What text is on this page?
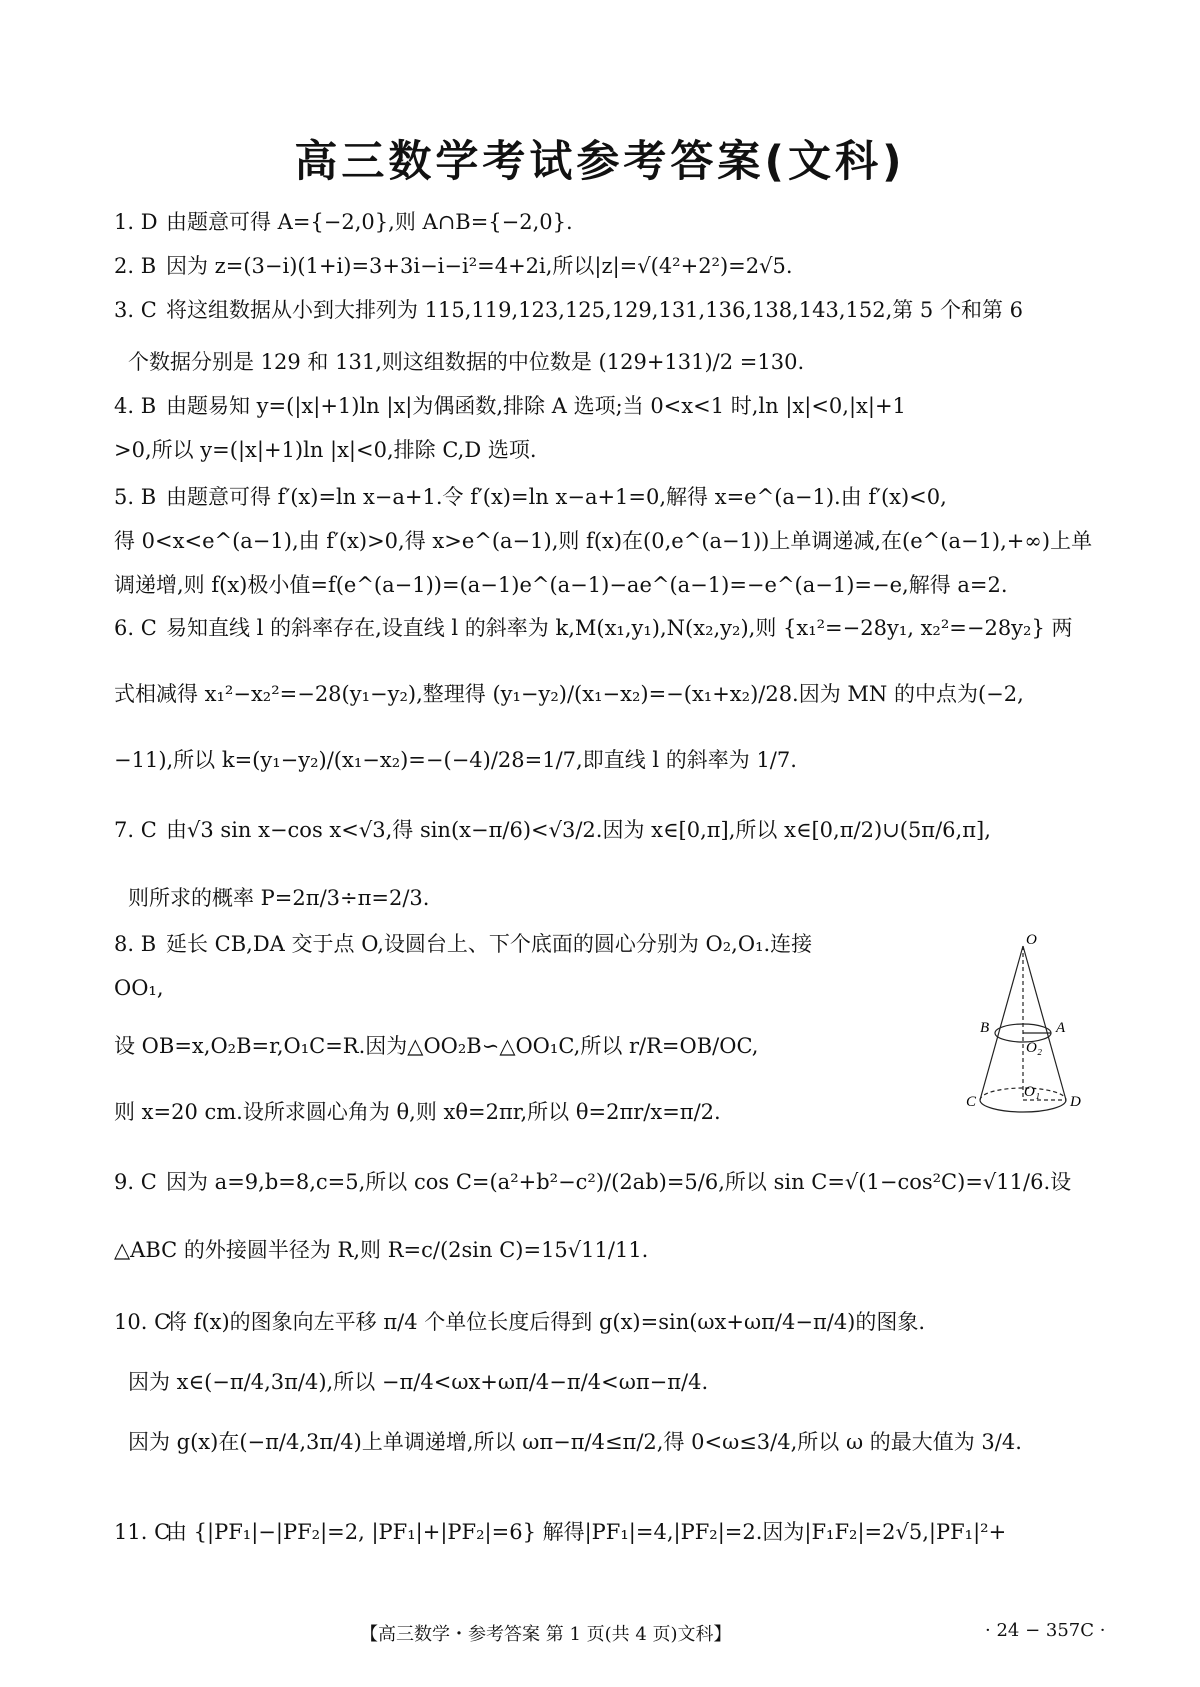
高三数学考试参考答案(文科)
1. D 由题意可得 A={−2,0},则 A∩B={−2,0}.
2. B 因为 z=(3−i)(1+i)=3+3i−i−i²=4+2i,所以|z|=√(4²+2²)=2√5.
3. C 将这组数据从小到大排列为 115,119,123,125,129,131,136,138,143,152,第 5 个和第 6
个数据分别是 129 和 131,则这组数据的中位数是 (129+131)/2 =130.
4. B 由题易知 y=(|x|+1)ln |x|为偶函数,排除 A 选项;当 0<x<1 时,ln |x|<0,|x|+1
>0,所以 y=(|x|+1)ln |x|<0,排除 C,D 选项.
5. B 由题意可得 f′(x)=ln x−a+1.令 f′(x)=ln x−a+1=0,解得 x=e^(a−1).由 f′(x)<0,
得 0<x<e^(a−1),由 f′(x)>0,得 x>e^(a−1),则 f(x)在(0,e^(a−1))上单调递减,在(e^(a−1),+∞)上单
调递增,则 f(x)极小值=f(e^(a−1))=(a−1)e^(a−1)−ae^(a−1)=−e^(a−1)=−e,解得 a=2.
6. C 易知直线 l 的斜率存在,设直线 l 的斜率为 k,M(x₁,y₁),N(x₂,y₂),则 {x₁²=−28y₁, x₂²=−28y₂} 两
式相减得 x₁²−x₂²=−28(y₁−y₂),整理得 (y₁−y₂)/(x₁−x₂)=−(x₁+x₂)/28.因为 MN 的中点为(−2,
−11),所以 k=(y₁−y₂)/(x₁−x₂)=−(−4)/28=1/7,即直线 l 的斜率为 1/7.
7. C 由√3 sin x−cos x<√3,得 sin(x−π/6)<√3/2.因为 x∈[0,π],所以 x∈[0,π/2)∪(5π/6,π],
则所求的概率 P=2π/3÷π=2/3.
8. B 延长 CB,DA 交于点 O,设圆台上、下个底面的圆心分别为 O₂,O₁.连接
OO₁,
设 OB=x,O₂B=r,O₁C=R.因为△OO₂B∽△OO₁C,所以 r/R=OB/OC,
则 x=20 cm.设所求圆心角为 θ,则 xθ=2πr,所以 θ=2πr/x=π/2.
O
B	A
O₂
O₁
C	D
9. C 因为 a=9,b=8,c=5,所以 cos C=(a²+b²−c²)/(2ab)=5/6,所以 sin C=√(1−cos²C)=√11/6.设
△ABC 的外接圆半径为 R,则 R=c/(2sin C)=15√11/11.
10. C将 f(x)的图象向左平移 π/4 个单位长度后得到 g(x)=sin(ωx+ωπ/4−π/4)的图象.
因为 x∈(−π/4,3π/4),所以 −π/4<ωx+ωπ/4−π/4<ωπ−π/4.
因为 g(x)在(−π/4,3π/4)上单调递增,所以 ωπ−π/4≤π/2,得 0<ω≤3/4,所以 ω 的最大值为 3/4.
11. C由 {|PF₁|−|PF₂|=2, |PF₁|+|PF₂|=6} 解得|PF₁|=4,|PF₂|=2.因为|F₁F₂|=2√5,|PF₁|²+
【高三数学・参考答案 第 1 页(共 4 页)文科】	· 24 − 357C ·
